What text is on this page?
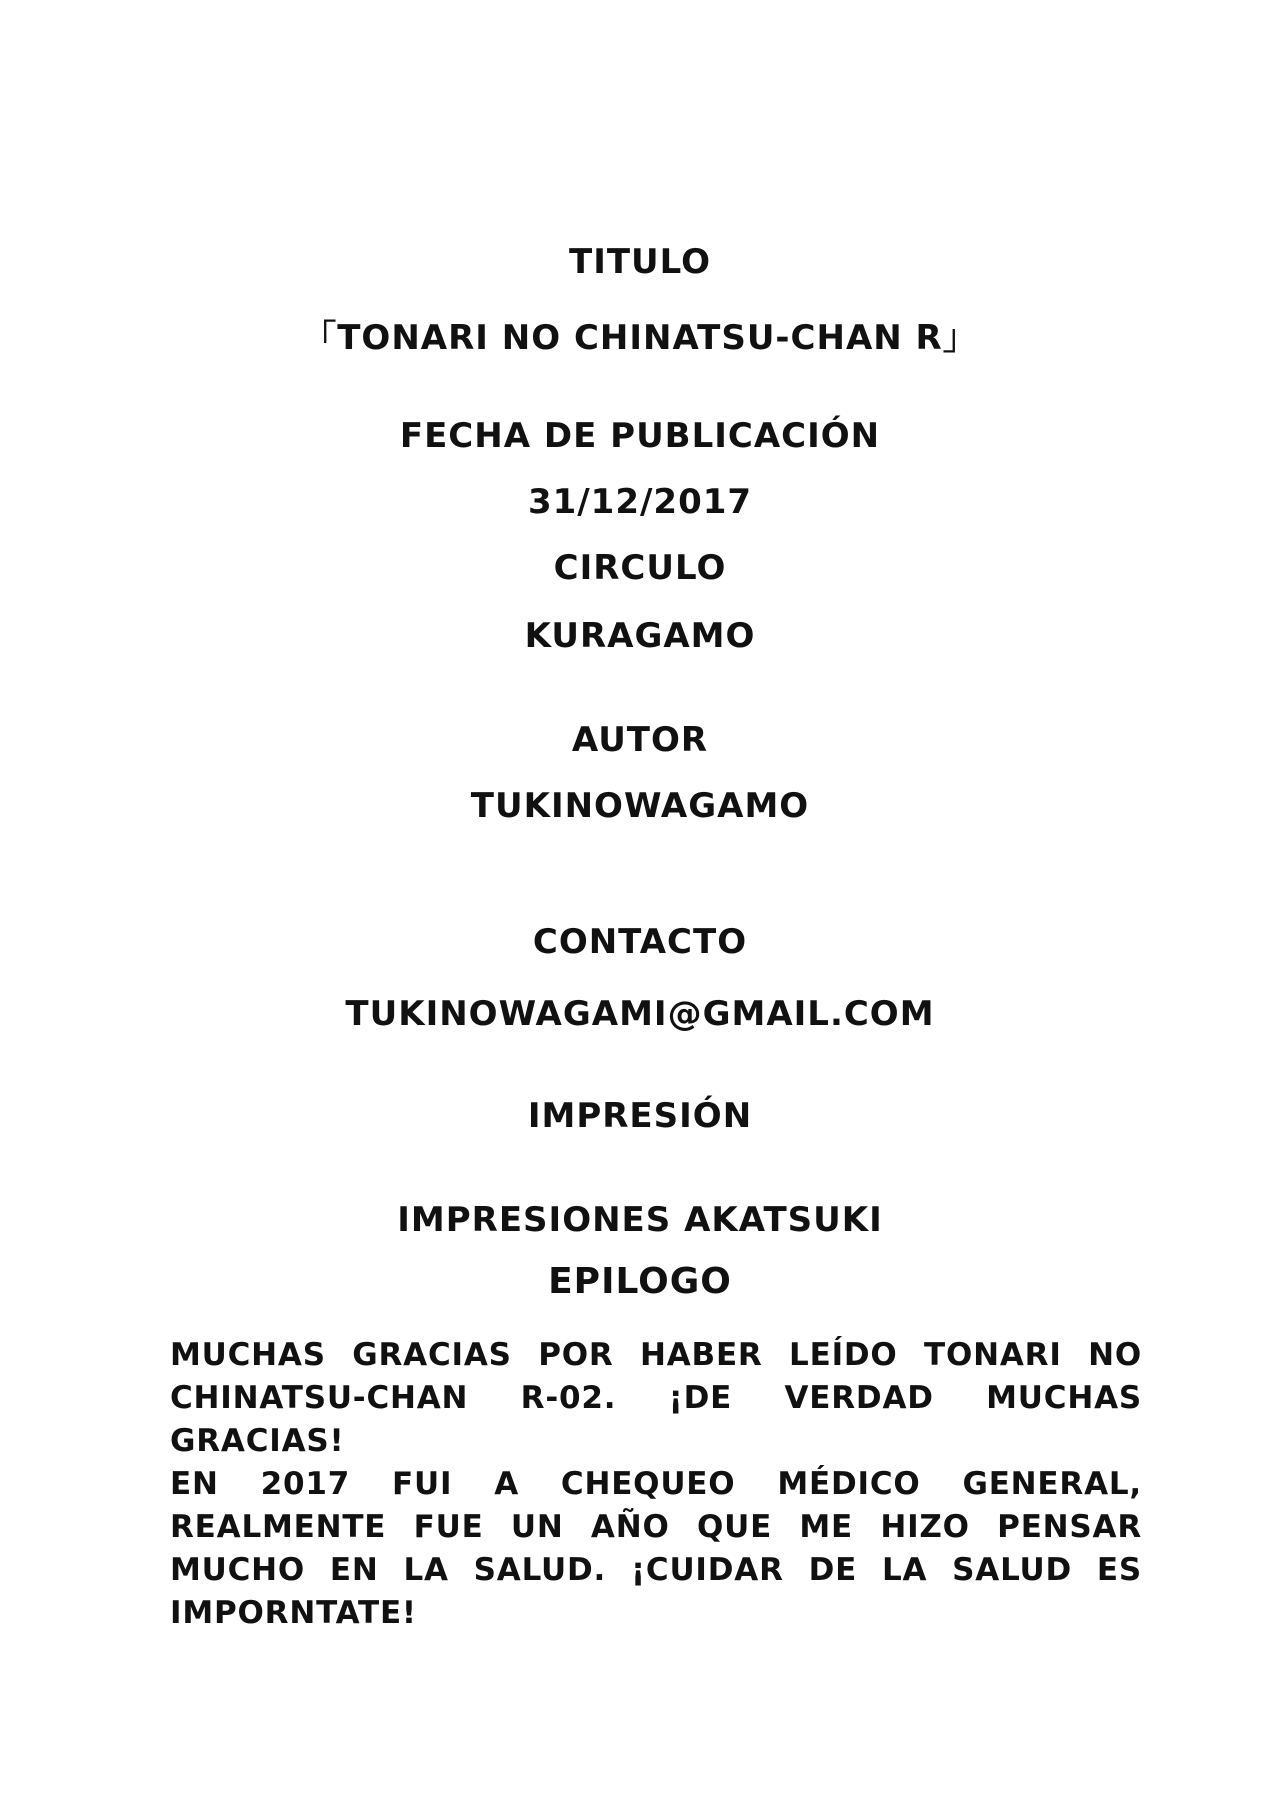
TITULO
「TONARI NO CHINATSU-CHAN R」
FECHA DE PUBLICACIÓN
31/12/2017
CIRCULO
KURAGAMO
AUTOR
TUKINOWAGAMO
CONTACTO
TUKINOWAGAMI@GMAIL.COM
IMPRESIÓN
IMPRESIONES AKATSUKI
EPILOGO

MUCHAS GRACIAS POR HABER LEÍDO TONARI NO CHINATSU-CHAN R-02. ¡DE VERDAD MUCHAS GRACIAS!

EN 2017 FUI A CHEQUEO MÉDICO GENERAL, REALMENTE FUE UN AÑO QUE ME HIZO PENSAR MUCHO EN LA SALUD. ¡CUIDAR DE LA SALUD ES IMPORNTATE!
